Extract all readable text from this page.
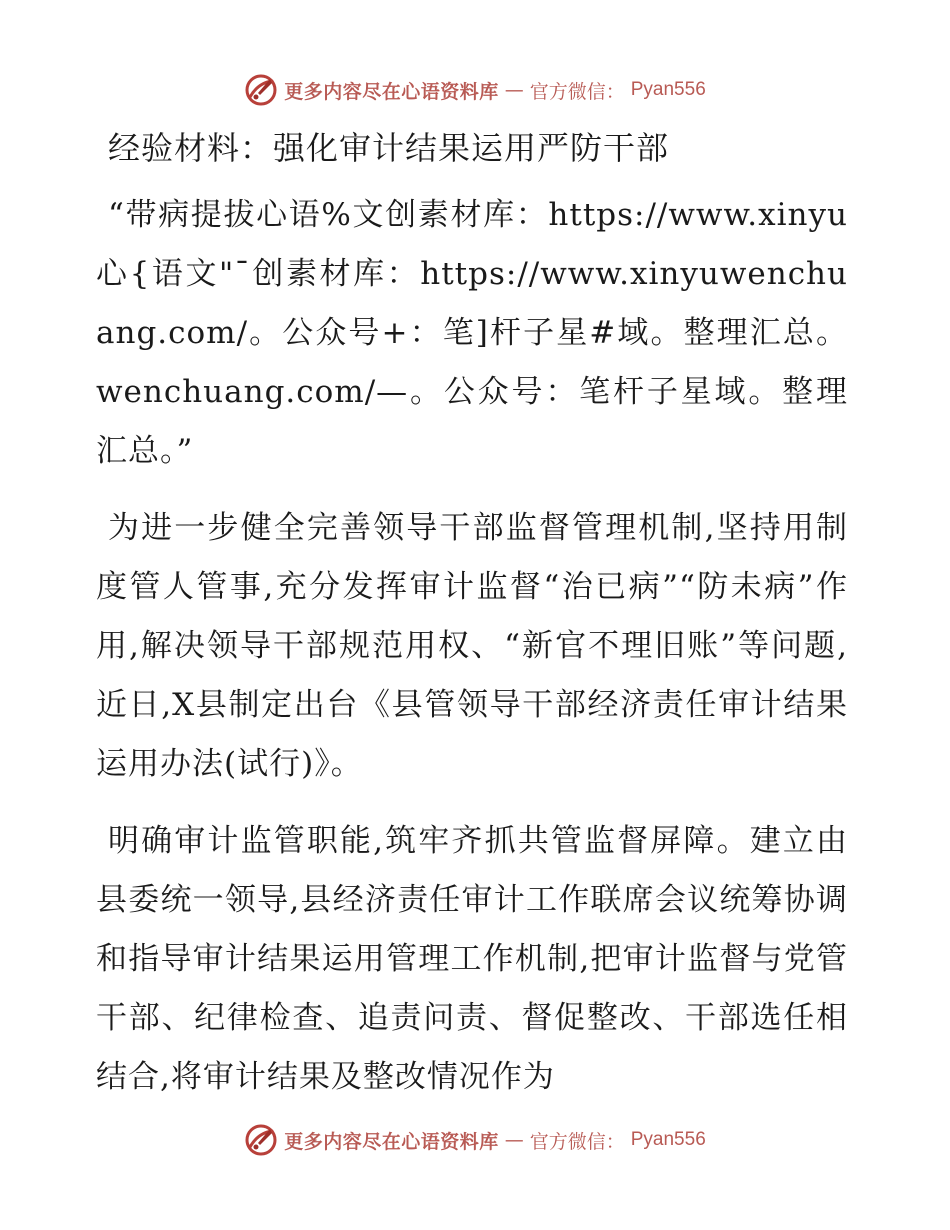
更多内容尽在心语资料库 — 官方微信： Pyan556
经验材料：强化审计结果运用严防干部

“带病提拔心语%文创素材库：https://www.xinyu心{语文"¯创素材库：https://www.xinyuwenchuang.com/。公众号+：笔]杆子星#域。整理汇总。wenchuang.com/—。公众号：笔杆子星域。整理汇总。”

为进一步健全完善领导干部监督管理机制,坚持用制度管人管事,充分发挥审计监督“治已病”“防未病”作用,解决领导干部规范用权、“新官不理旧账”等问题,近日,X县制定出台《县管领导干部经济责任审计结果运用办法(试行)》。

明确审计监管职能,筑牢齐抓共管监督屏障。建立由县委统一领导,县经济责任审计工作联席会议统筹协调和指导审计结果运用管理工作机制,把审计监督与党管干部、纪律检查、追责问责、督促整改、干部选任相结合,将审计结果及整改情况作为

更多内容尽在心语资料库 — 官方微信： Pyan556
